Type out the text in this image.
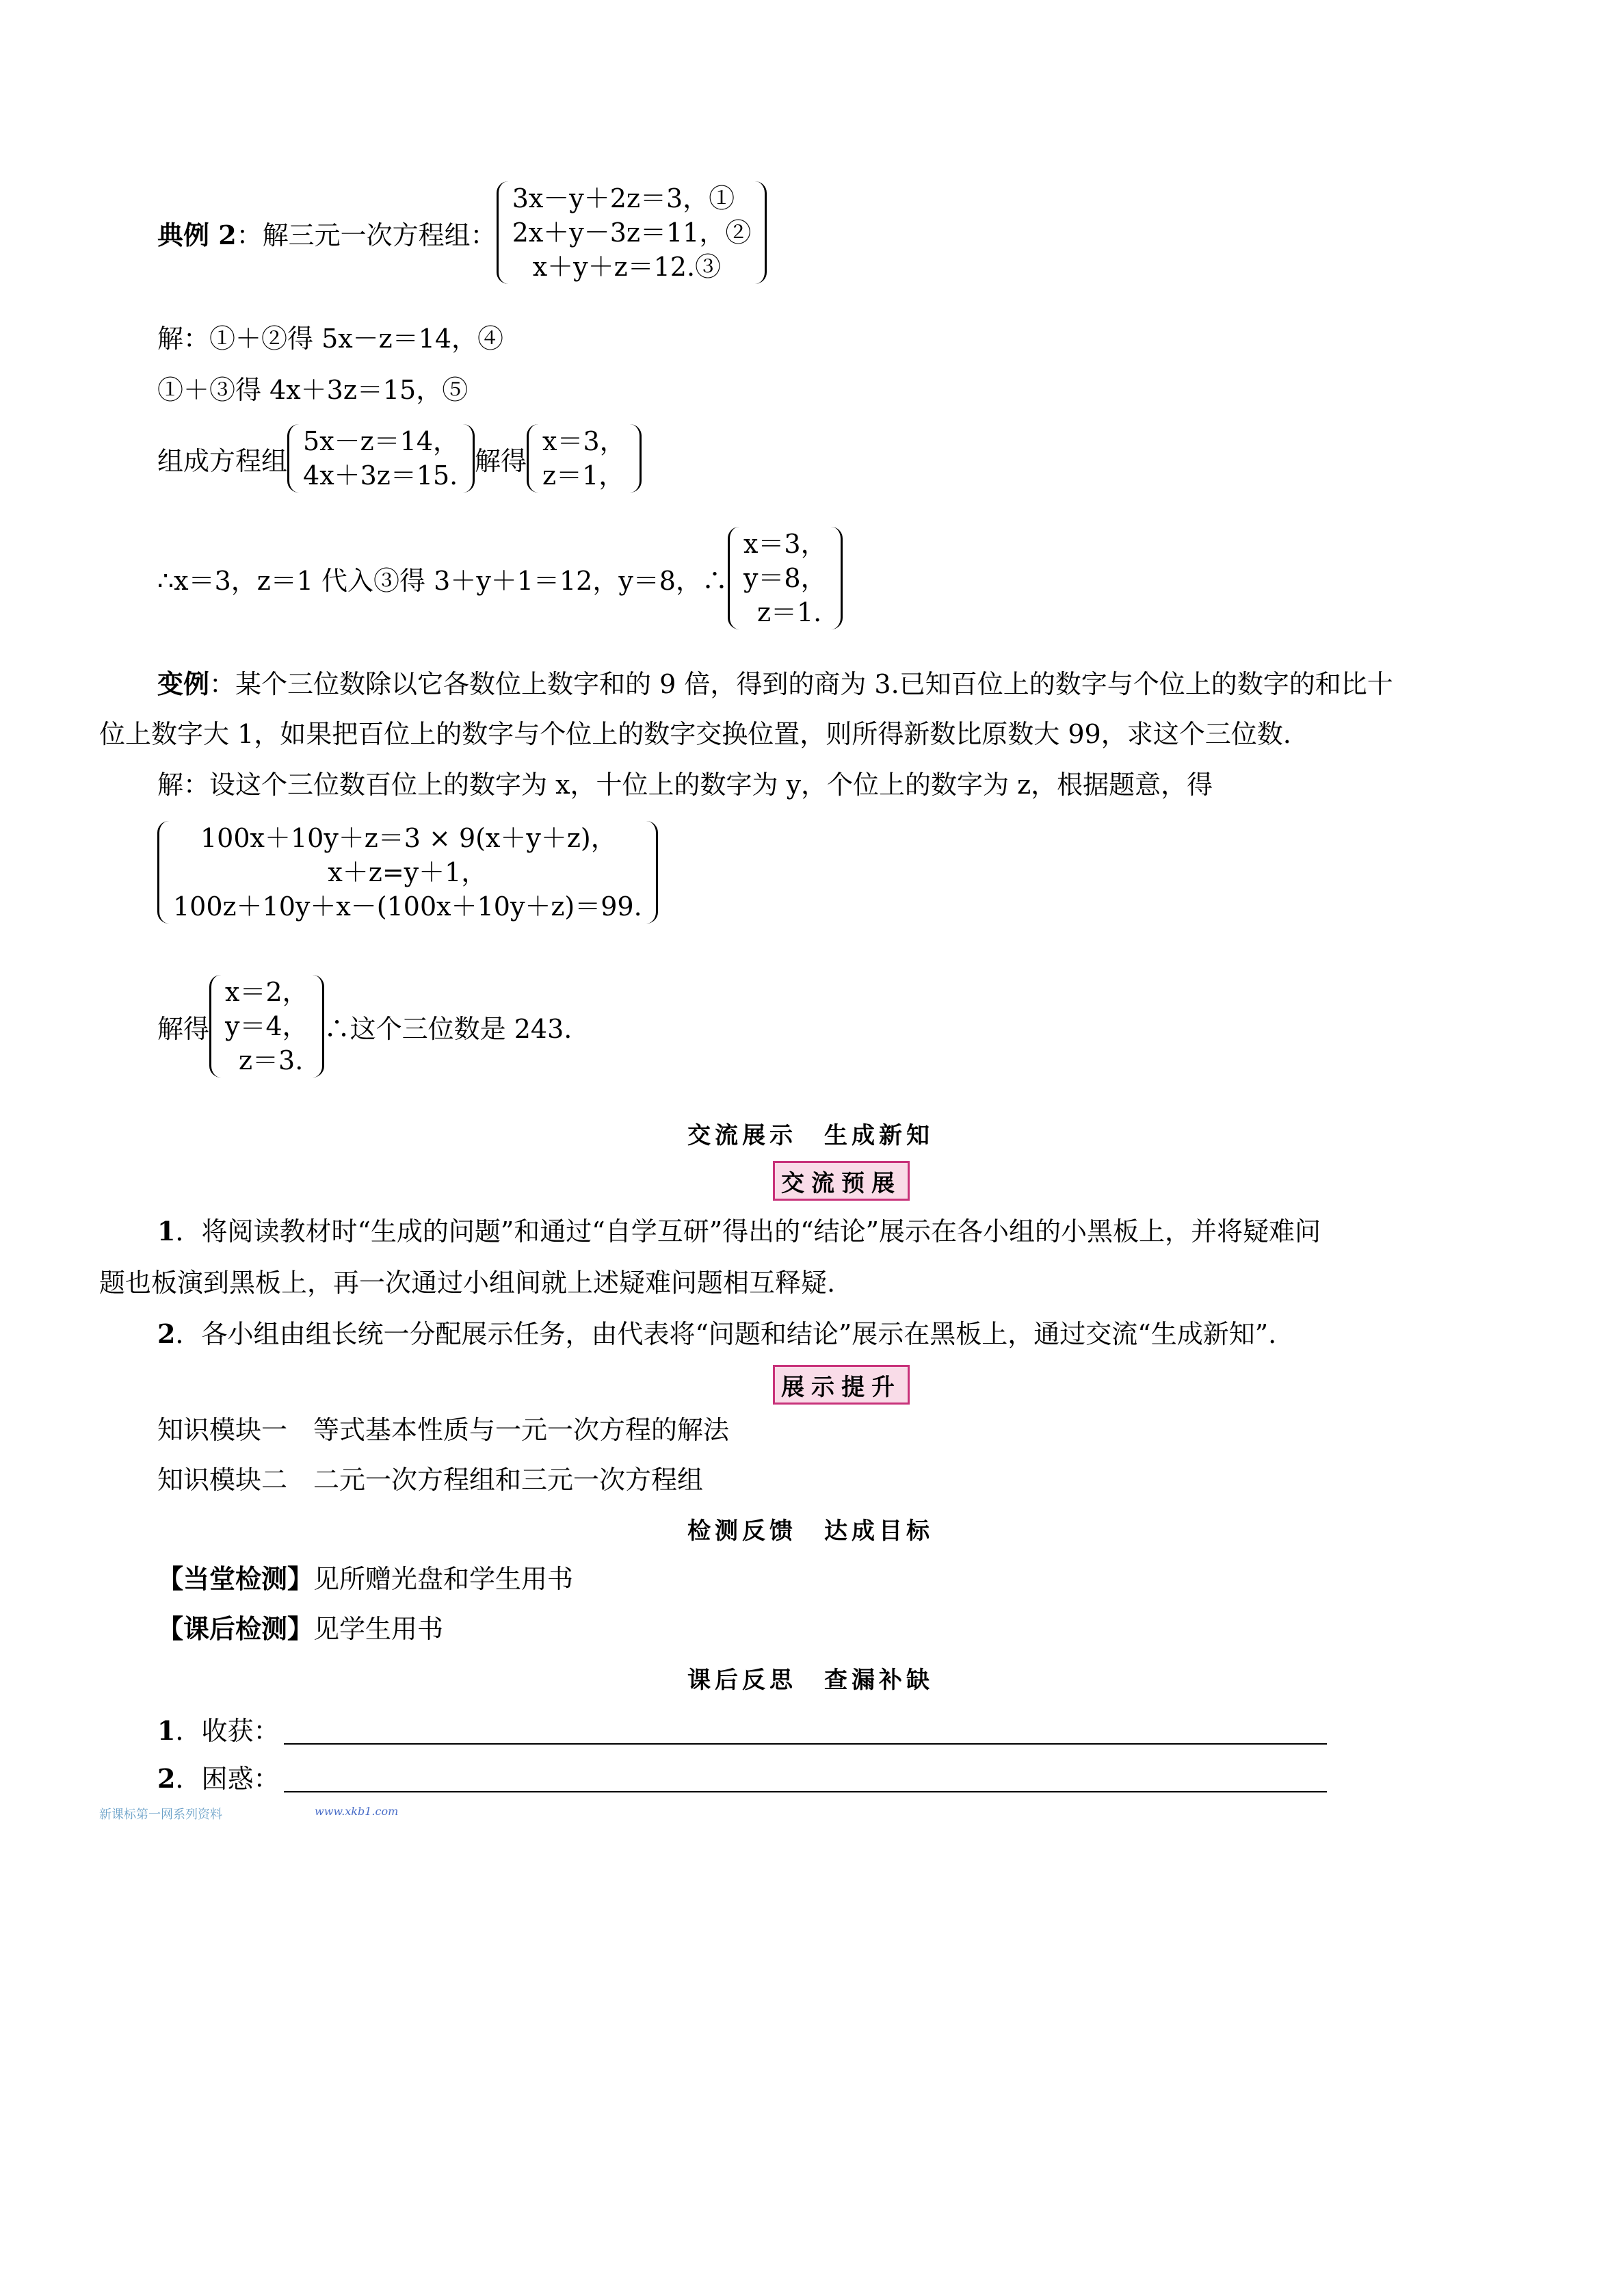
典例 2 ：解三元一次方程组：
3x－y＋2z＝3，①
2x＋y－3z＝11，②
x＋y＋z＝12.③
解：①＋②得 5x－z＝14，④
①＋③得 4x＋3z＝15，⑤
组成方程组
5x－z＝14，
4x＋3z＝15. 解得
x＝3，
z＝1，
∴x＝3，z＝1 代入③得 3＋y＋1＝12，y＝8，∴
x＝3，
y＝8，
z＝1.
变例：某个三位数除以它各数位上数字和的 9 倍，得到的商为 3.已知百位上的数字与个位上的数字的和比十
位上数字大 1，如果把百位上的数字与个位上的数字交换位置，则所得新数比原数大 99，求这个三位数.
解：设这个三位数百位上的数字为 x，十位上的数字为 y，个位上的数字为 z，根据题意，得
100x＋10y＋z＝3 × 9(x＋y＋z)，
x＋z=y＋1，
100z＋10y＋x－(100x＋10y＋z)＝99.
解得
x＝2，
y＝4，
z＝3.
∴这个三位数是 243.
交流展示　生成新知
交流预展
1．将阅读教材时“生成的问题”和通过“自学互研”得出的“结论”展示在各小组的小黑板上，并将疑难问
题也板演到黑板上，再一次通过小组间就上述疑难问题相互释疑.
2．各小组由组长统一分配展示任务，由代表将“问题和结论”展示在黑板上，通过交流“生成新知”.
展示提升
知识模块一　等式基本性质与一元一次方程的解法
知识模块二　二元一次方程组和三元一次方程组
检测反馈　达成目标
【当堂检测】见所赠光盘和学生用书
【课后检测】见学生用书
课后反思　查漏补缺
1．收获：
2．困惑：
新课标第一网系列资料	www.xkb1.com
